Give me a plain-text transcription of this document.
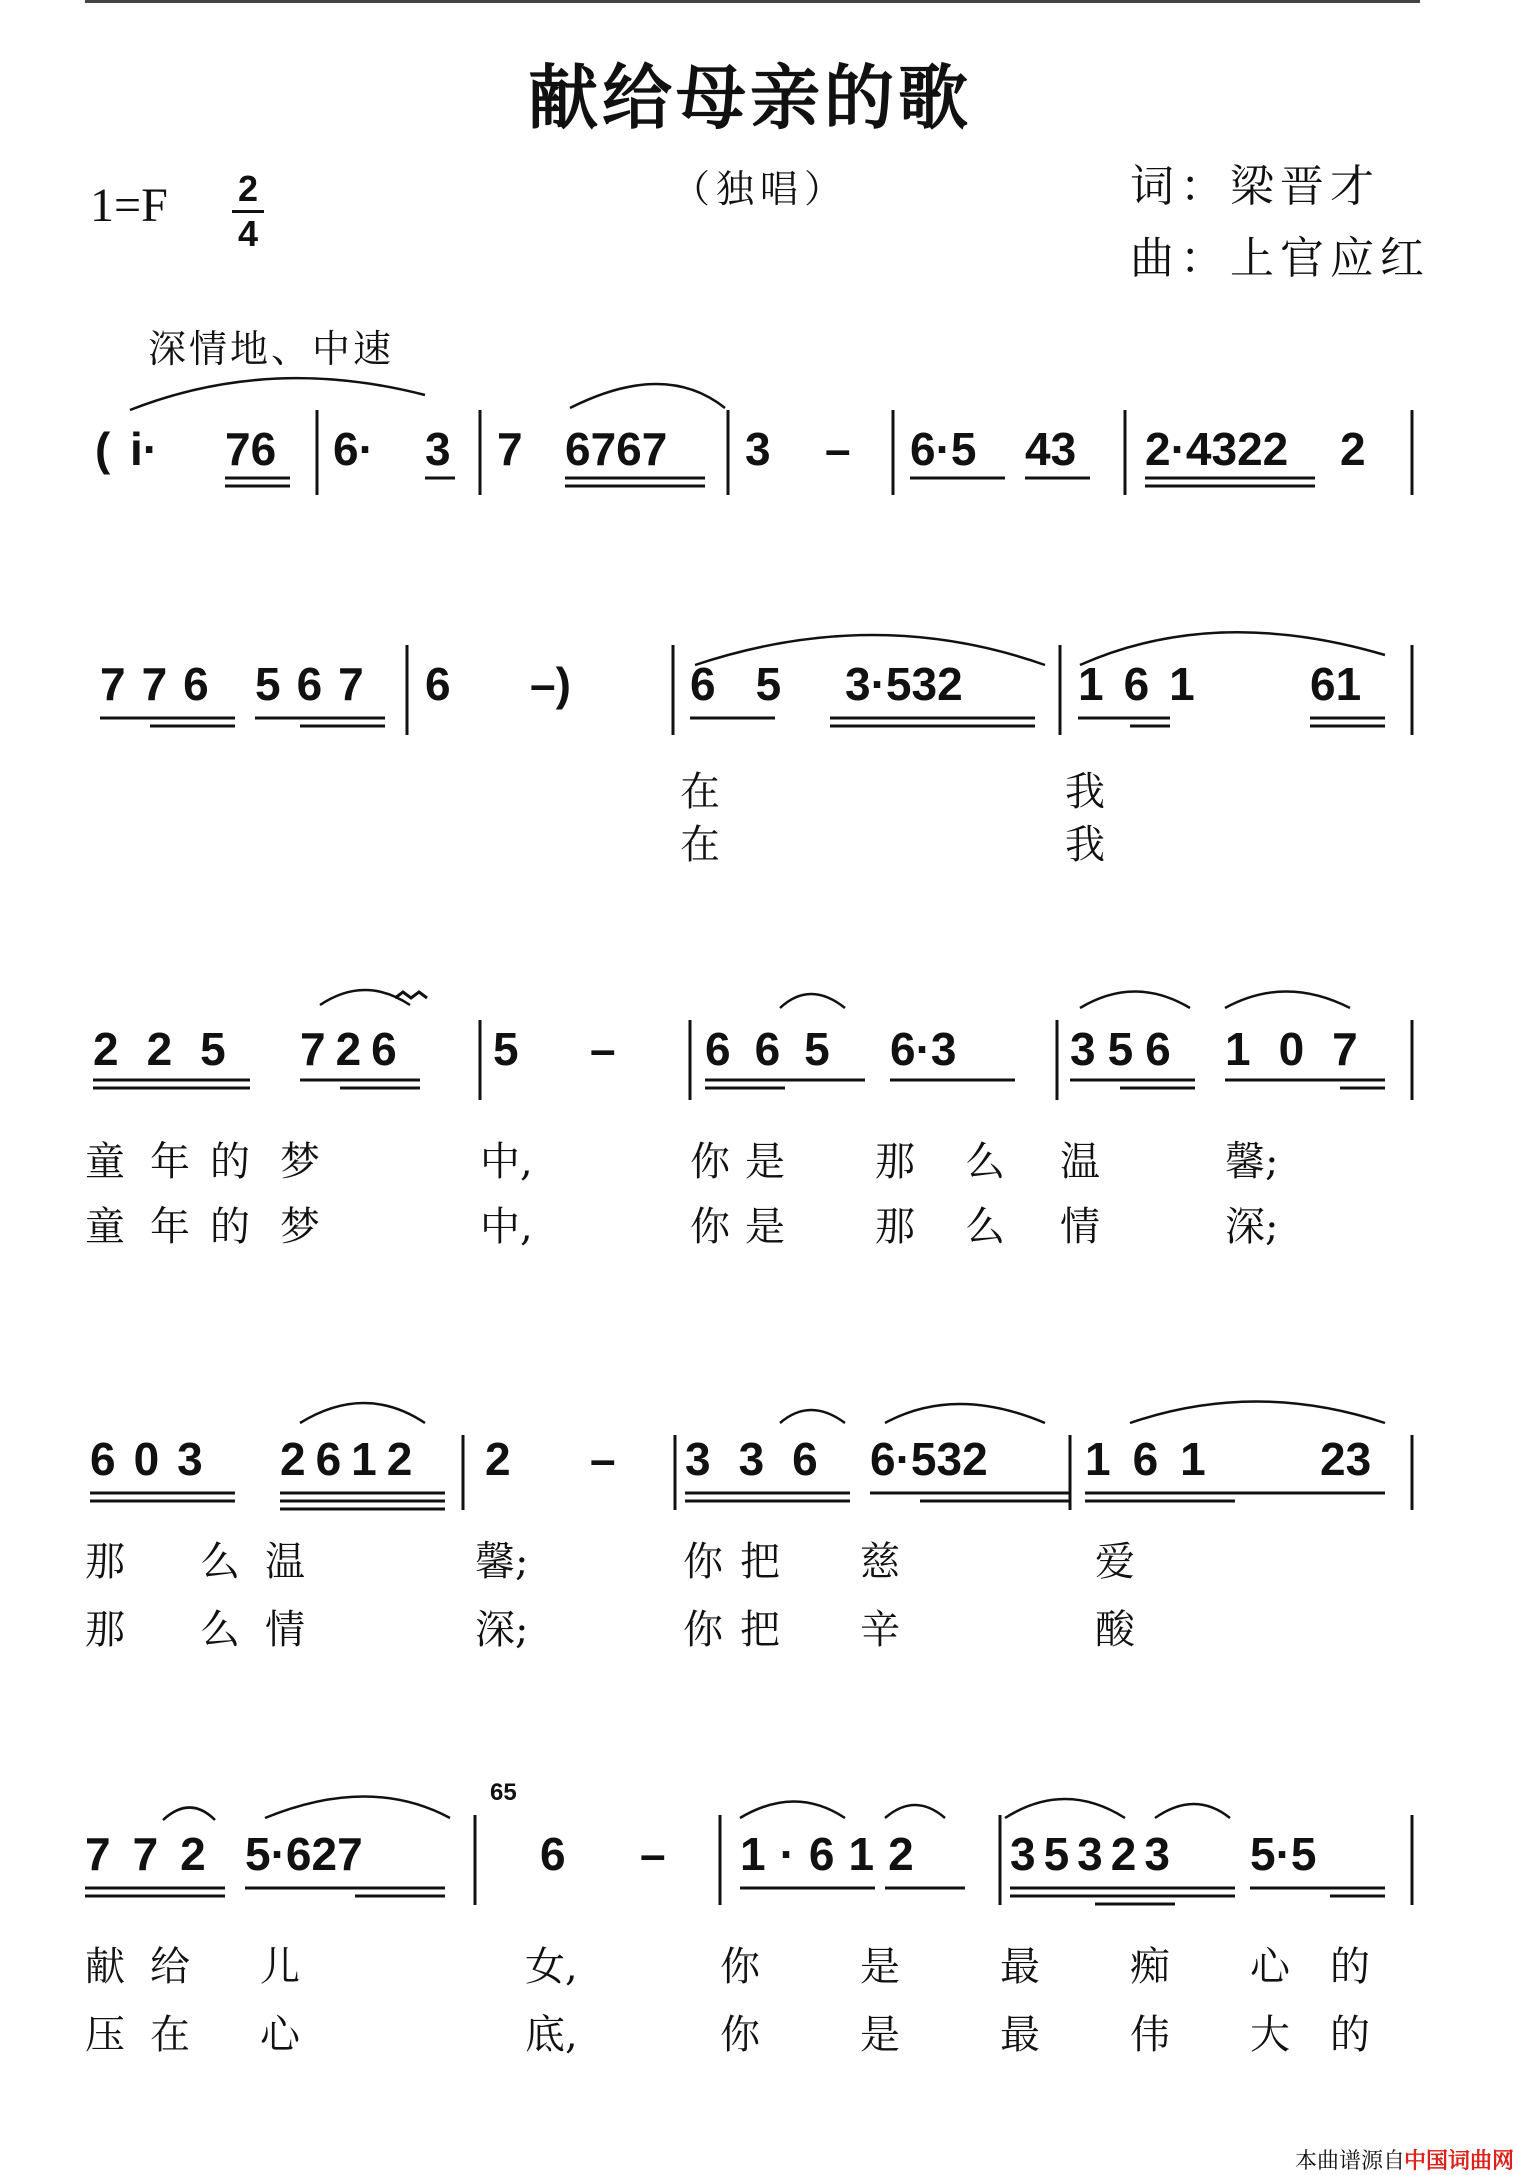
献给母亲的歌
1=F 2
4
（独唱）	词：梁晋才
曲：上官应红
深情地、中速
( i· 76 6· 3 7 6767 3 – 6·5 43 2·4322 2
776 567 6 –)	65 3·532	161 61
在	我
在	我
225 726 5 – 665 6·3 356 107
童 年 的 梦	中,	你 是 那 么 温	馨;
童 年 的 梦	中,	你 是 那 么 情	深;
603 2612 2 – 336 6·532 161 23
那 么 温	馨;	你 把 慈	爱
那 么 情	深;	你 把 辛	酸
65
772 5·627	6 – 1·612 35323 5·5
献 给 儿	女,	你	是	最 痴 心 的
压 在 心	底,	你	是	最 伟 大 的
本曲谱源自
中国词曲网
